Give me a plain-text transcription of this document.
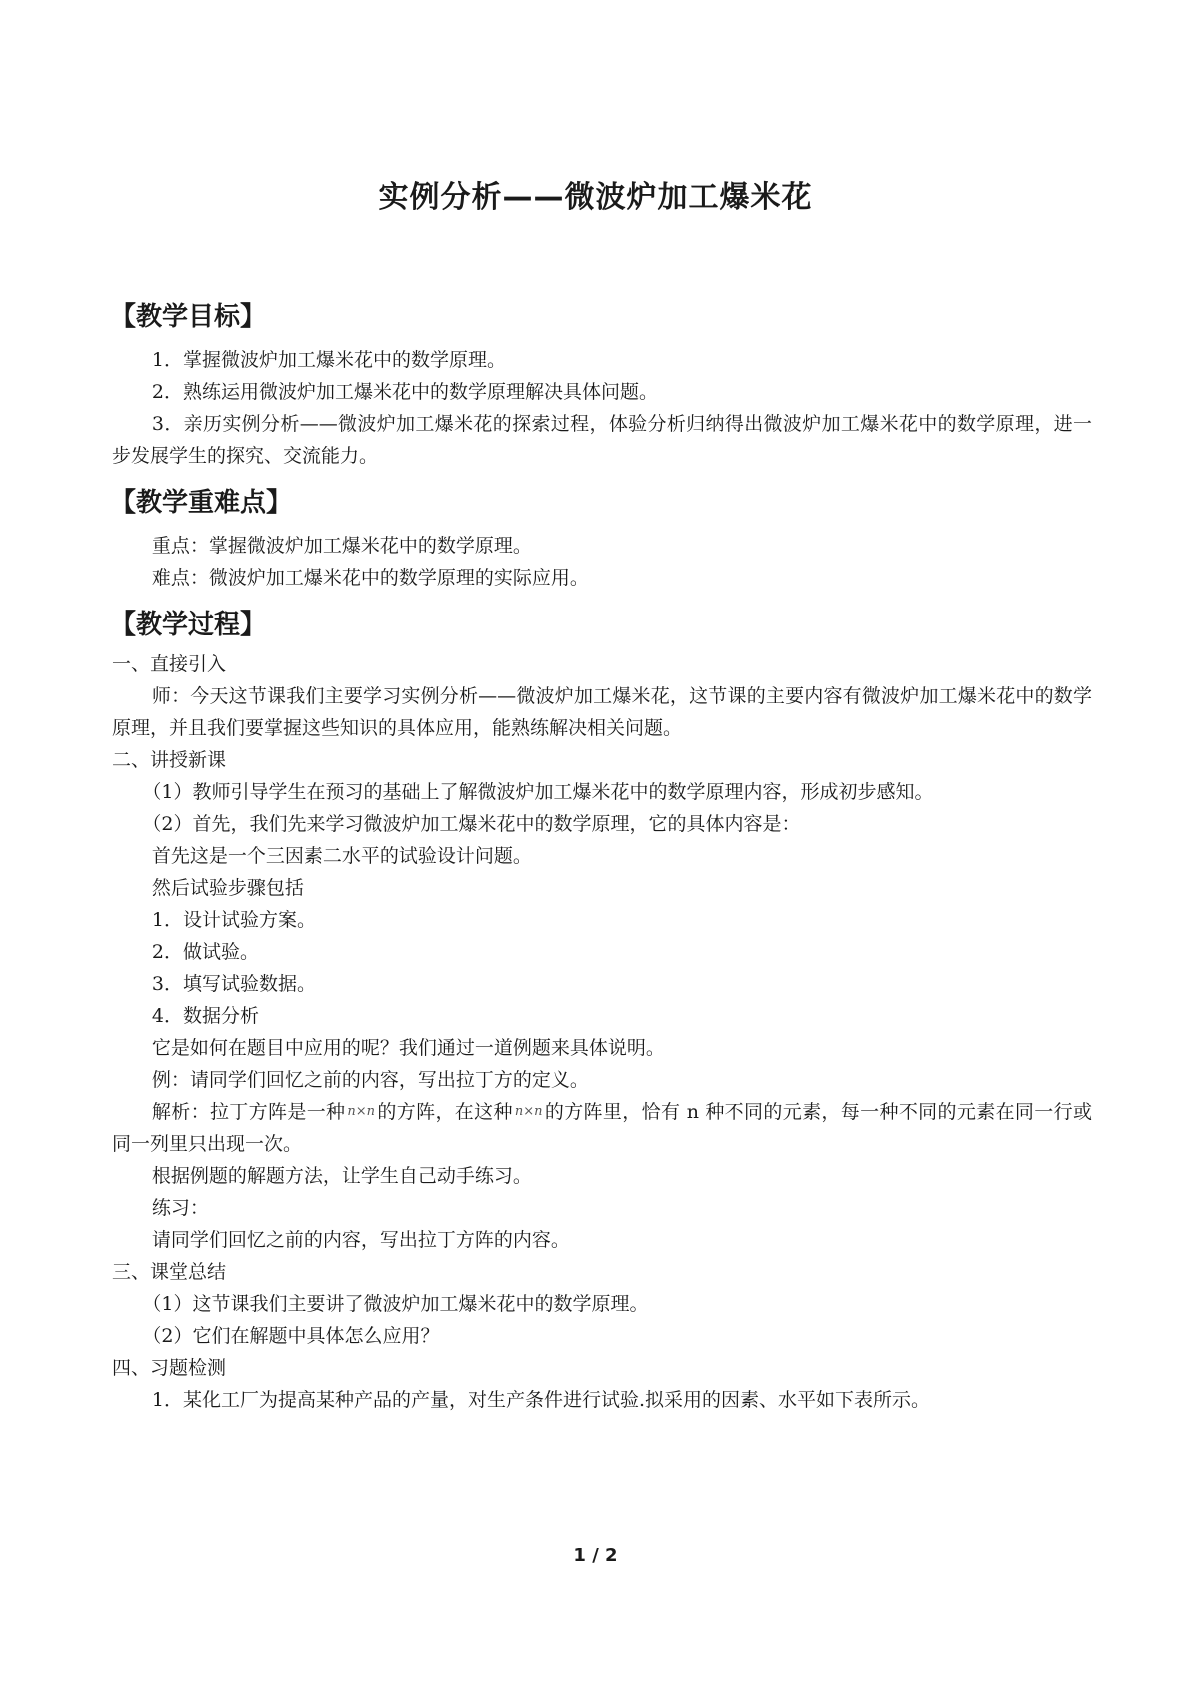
实例分析——微波炉加工爆米花
【教学目标】

1．掌握微波炉加工爆米花中的数学原理。

2．熟练运用微波炉加工爆米花中的数学原理解决具体问题。

3．亲历实例分析——微波炉加工爆米花的探索过程，体验分析归纳得出微波炉加工爆米花中的数学原理，进一步发展学生的探究、交流能力。

【教学重难点】

重点：掌握微波炉加工爆米花中的数学原理。

难点：微波炉加工爆米花中的数学原理的实际应用。

【教学过程】

一、直接引入

师：今天这节课我们主要学习实例分析——微波炉加工爆米花，这节课的主要内容有微波炉加工爆米花中的数学原理，并且我们要掌握这些知识的具体应用，能熟练解决相关问题。

二、讲授新课

（1）教师引导学生在预习的基础上了解微波炉加工爆米花中的数学原理内容，形成初步感知。

（2）首先，我们先来学习微波炉加工爆米花中的数学原理，它的具体内容是：

首先这是一个三因素二水平的试验设计问题。

然后试验步骤包括

1．设计试验方案。

2．做试验。

3．填写试验数据。

4．数据分析

它是如何在题目中应用的呢？我们通过一道例题来具体说明。

例：请同学们回忆之前的内容，写出拉丁方的定义。

解析：拉丁方阵是一种 n×n 的方阵，在这种 n×n 的方阵里，恰有 n 种不同的元素，每一种不同的元素在同一行或同一列里只出现一次。

根据例题的解题方法，让学生自己动手练习。

练习：

请同学们回忆之前的内容，写出拉丁方阵的内容。

三、课堂总结

（1）这节课我们主要讲了微波炉加工爆米花中的数学原理。

（2）它们在解题中具体怎么应用？

四、习题检测

1．某化工厂为提高某种产品的产量，对生产条件进行试验.拟采用的因素、水平如下表所示。

1 / 2
